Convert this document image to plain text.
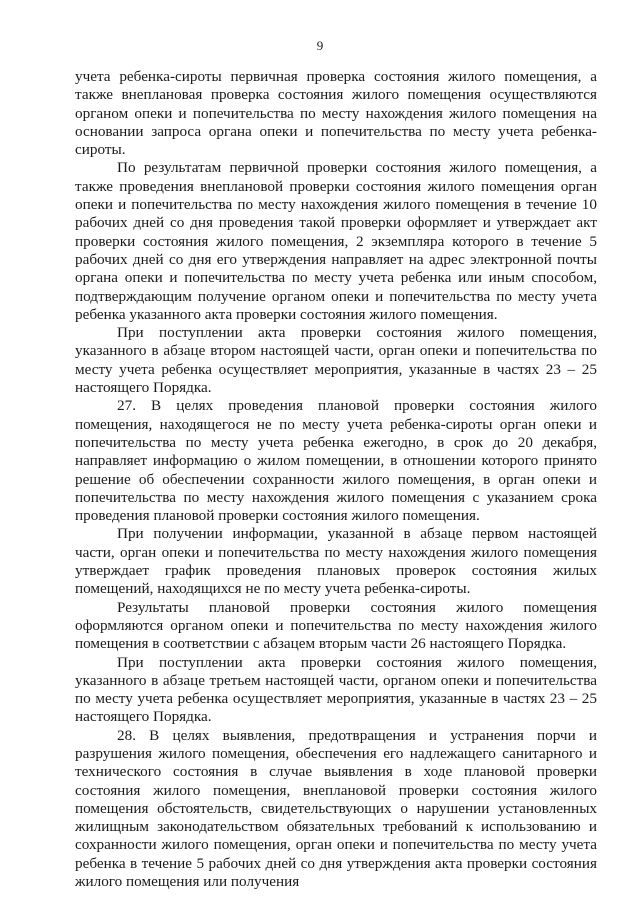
9

учета ребенка-сироты первичная проверка состояния жилого помещения, а также внеплановая проверка состояния жилого помещения осуществляются органом опеки и попечительства по месту нахождения жилого помещения на основании запроса органа опеки и попечительства по месту учета ребенка-сироты.

По результатам первичной проверки состояния жилого помещения, а также проведения внеплановой проверки состояния жилого помещения орган опеки и попечительства по месту нахождения жилого помещения в течение 10 рабочих дней со дня проведения такой проверки оформляет и утверждает акт проверки состояния жилого помещения, 2 экземпляра которого в течение 5 рабочих дней со дня его утверждения направляет на адрес электронной почты органа опеки и попечительства по месту учета ребенка или иным способом, подтверждающим получение органом опеки и попечительства по месту учета ребенка указанного акта проверки состояния жилого помещения.

При поступлении акта проверки состояния жилого помещения, указанного в абзаце втором настоящей части, орган опеки и попечительства по месту учета ребенка осуществляет мероприятия, указанные в частях 23 – 25 настоящего Порядка.

27. В целях проведения плановой проверки состояния жилого помещения, находящегося не по месту учета ребенка-сироты орган опеки и попечительства по месту учета ребенка ежегодно, в срок до 20 декабря, направляет информацию о жилом помещении, в отношении которого принято решение об обеспечении сохранности жилого помещения, в орган опеки и попечительства по месту нахождения жилого помещения с указанием срока проведения плановой проверки состояния жилого помещения.

При получении информации, указанной в абзаце первом настоящей части, орган опеки и попечительства по месту нахождения жилого помещения утверждает график проведения плановых проверок состояния жилых помещений, находящихся не по месту учета ребенка-сироты.

Результаты плановой проверки состояния жилого помещения оформляются органом опеки и попечительства по месту нахождения жилого помещения в соответствии с абзацем вторым части 26 настоящего Порядка.

При поступлении акта проверки состояния жилого помещения, указанного в абзаце третьем настоящей части, органом опеки и попечительства по месту учета ребенка осуществляет мероприятия, указанные в частях 23 – 25 настоящего Порядка.

28. В целях выявления, предотвращения и устранения порчи и разрушения жилого помещения, обеспечения его надлежащего санитарного и технического состояния в случае выявления в ходе плановой проверки состояния жилого помещения, внеплановой проверки состояния жилого помещения обстоятельств, свидетельствующих о нарушении установленных жилищным законодательством обязательных требований к использованию и сохранности жилого помещения, орган опеки и попечительства по месту учета ребенка в течение 5 рабочих дней со дня утверждения акта проверки состояния жилого помещения или получения
